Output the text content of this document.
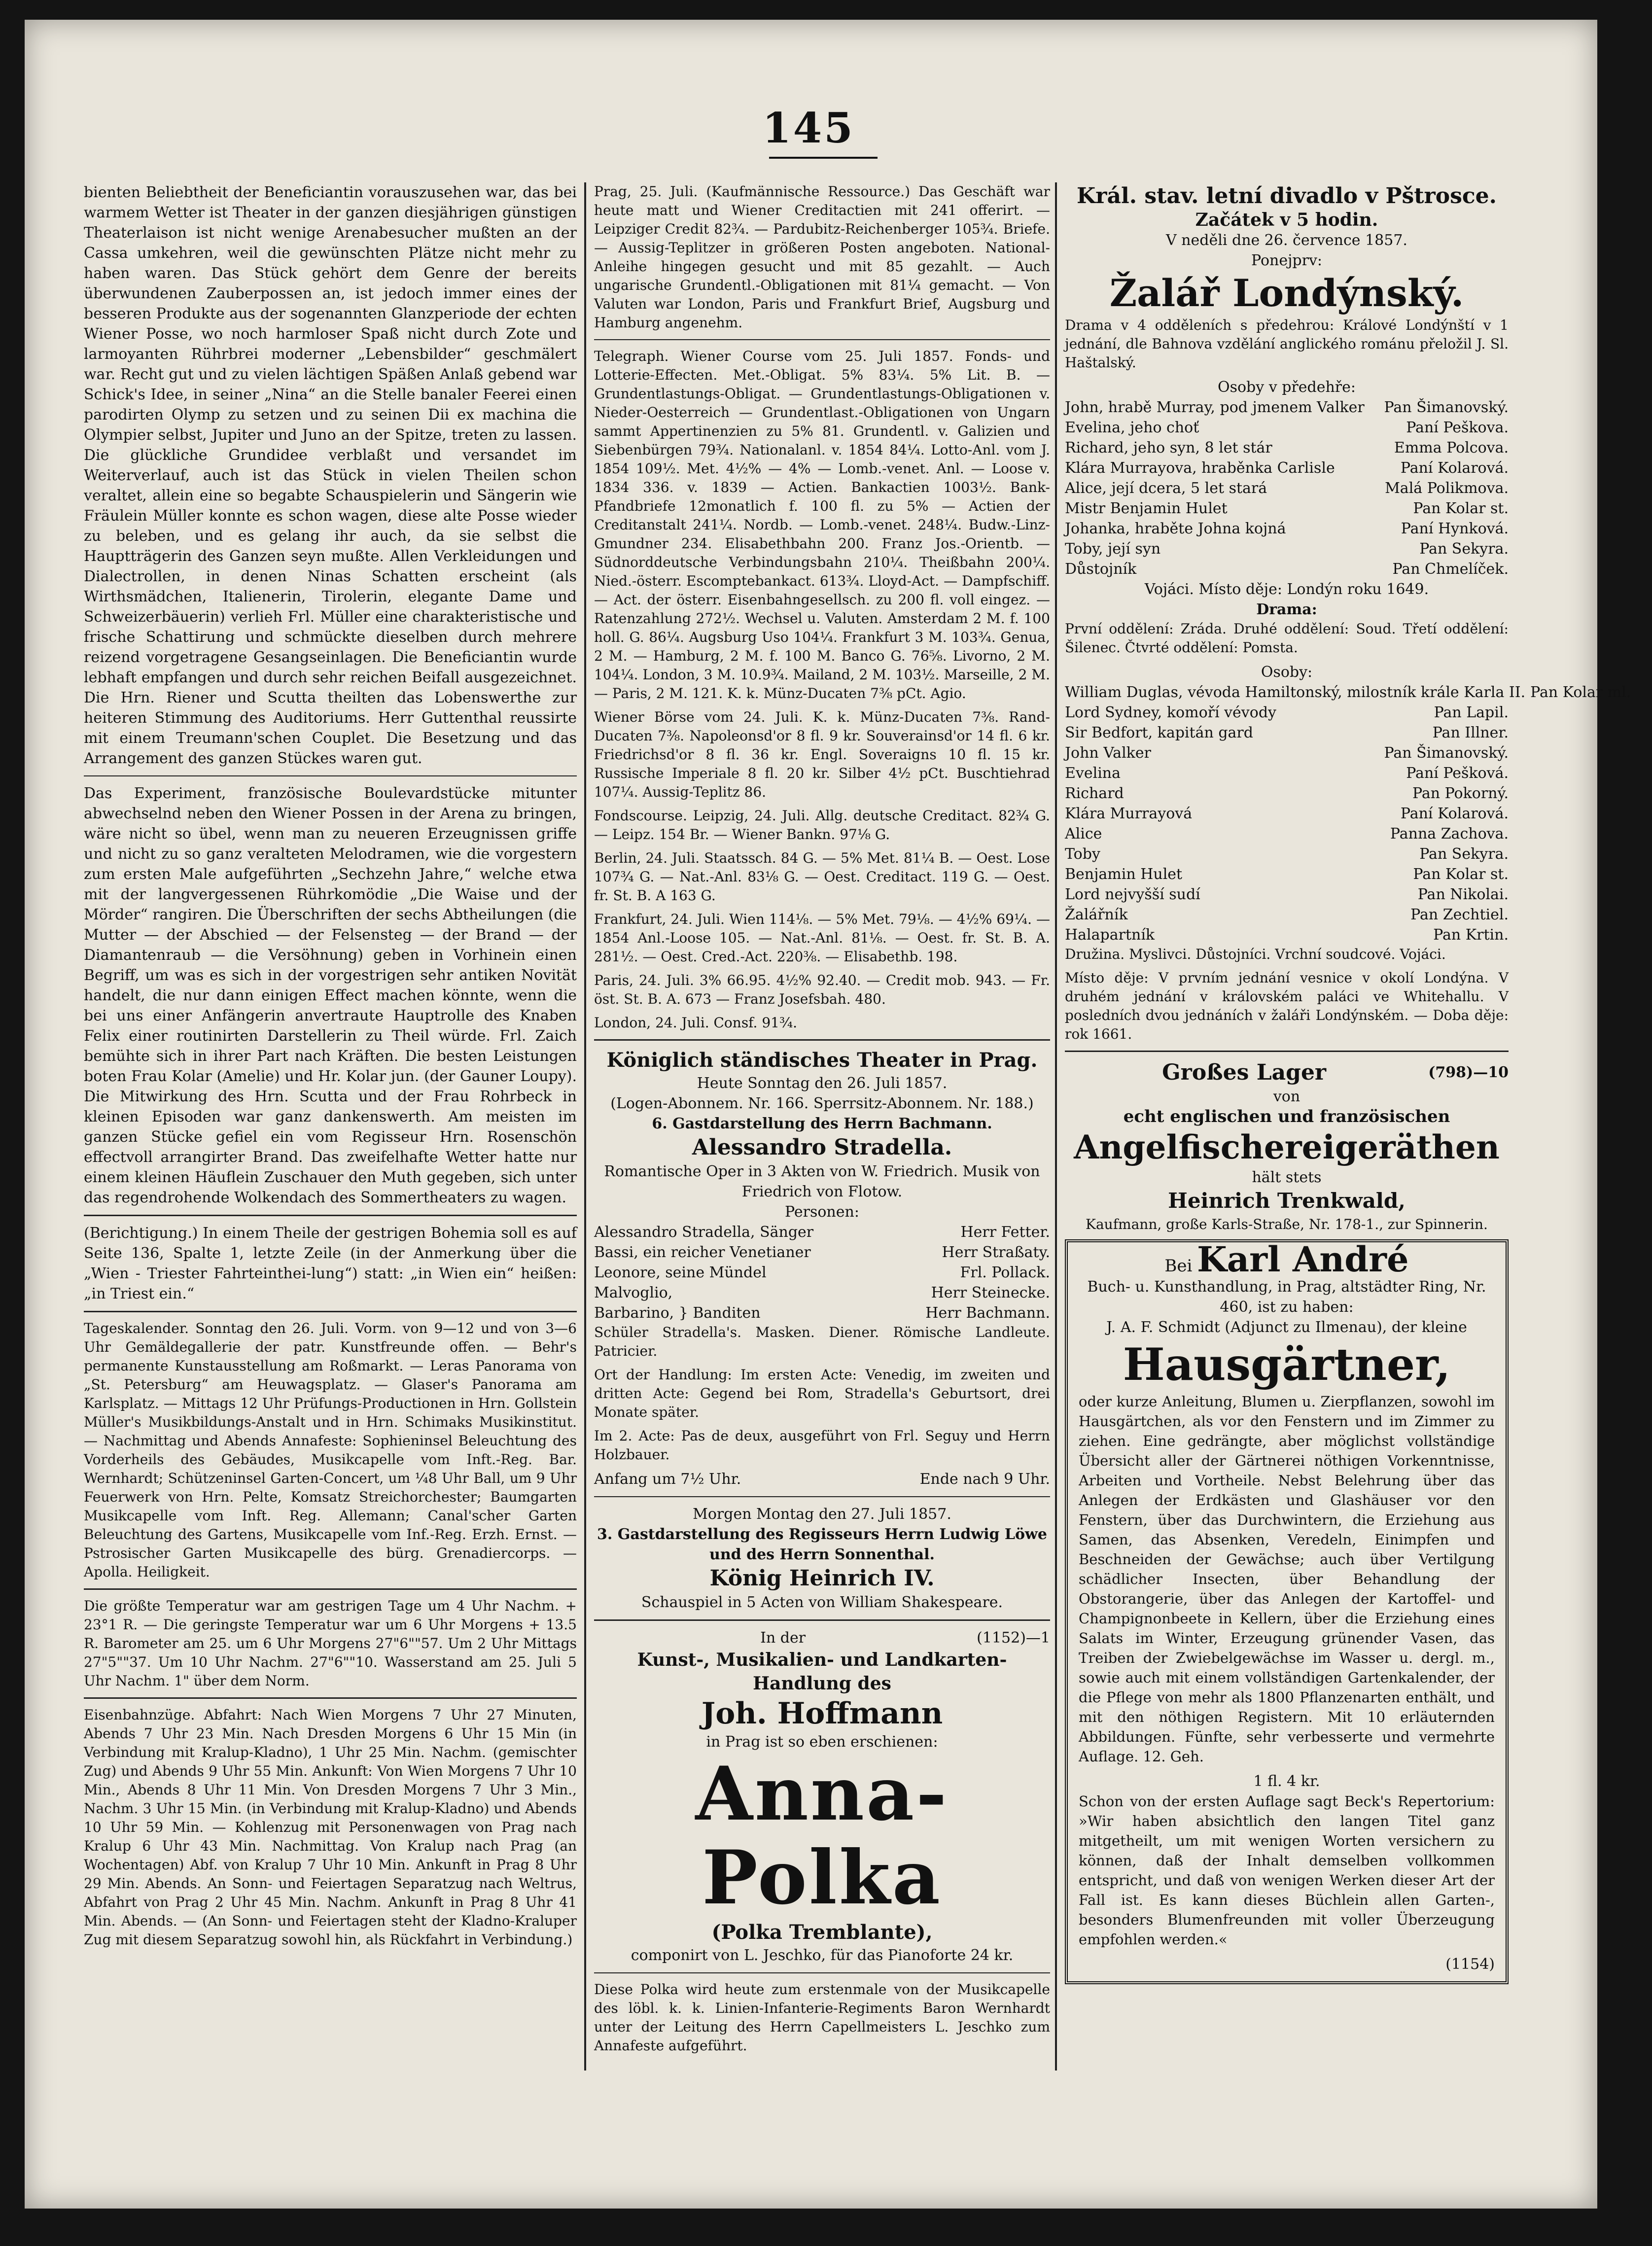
145

bienten Beliebtheit der Beneficiantin vorauszusehen war, das bei warmem Wetter ist Theater in der ganzen diesjährigen günstigen Theaterlaison ist nicht wenige Arenabesucher mußten an der Cassa umkehren, weil die gewünschten Plätze nicht mehr zu haben waren. Das Stück gehört dem Genre der bereits überwundenen Zauberpossen an, ist jedoch immer eines der besseren Produkte aus der sogenannten Glanzperiode der echten Wiener Posse, wo noch harmloser Spaß nicht durch Zote und larmoyanten Rührbrei moderner „Lebensbilder“ geschmälert war. Recht gut und zu vielen lächtigen Späßen Anlaß gebend war Schick's Idee, in seiner „Nina“ an die Stelle banaler Feerei einen parodirten Olymp zu setzen und zu seinen Dii ex machina die Olympier selbst, Jupiter und Juno an der Spitze, treten zu lassen. Die glückliche Grundidee verblaßt und versandet im Weiterverlauf, auch ist das Stück in vielen Theilen schon veraltet, allein eine so begabte Schauspielerin und Sängerin wie Fräulein Müller konnte es schon wagen, diese alte Posse wieder zu beleben, und es gelang ihr auch, da sie selbst die Hauptträgerin des Ganzen seyn mußte. Allen Verkleidungen und Dialectrollen, in denen Ninas Schatten erscheint (als Wirthsmädchen, Italienerin, Tirolerin, elegante Dame und Schweizerbäuerin) verlieh Frl. Müller eine charakteristische und frische Schattirung und schmückte dieselben durch mehrere reizend vorgetragene Gesangseinlagen. Die Beneficiantin wurde lebhaft empfangen und durch sehr reichen Beifall ausgezeichnet. Die Hrn. Riener und Scutta theilten das Lobenswerthe zur heiteren Stimmung des Auditoriums. Herr Guttenthal reussirte mit einem Treumann'schen Couplet. Die Besetzung und das Arrangement des ganzen Stückes waren gut.

Das Experiment, französische Boulevardstücke mitunter abwechselnd neben den Wiener Possen in der Arena zu bringen, wäre nicht so übel, wenn man zu neueren Erzeugnissen griffe und nicht zu so ganz veralteten Melodramen, wie die vorgestern zum ersten Male aufgeführten „Sechzehn Jahre,“ welche etwa mit der langvergessenen Rührkomödie „Die Waise und der Mörder“ rangiren. Die Überschriften der sechs Abtheilungen (die Mutter — der Abschied — der Felsensteg — der Brand — der Diamantenraub — die Versöhnung) geben in Vorhinein einen Begriff, um was es sich in der vorgestrigen sehr antiken Novität handelt, die nur dann einigen Effect machen könnte, wenn die bei uns einer Anfängerin anvertraute Hauptrolle des Knaben Felix einer routinirten Darstellerin zu Theil würde. Frl. Zaich bemühte sich in ihrer Part nach Kräften. Die besten Leistungen boten Frau Kolar (Amelie) und Hr. Kolar jun. (der Gauner Loupy). Die Mitwirkung des Hrn. Scutta und der Frau Rohrbeck in kleinen Episoden war ganz dankenswerth. Am meisten im ganzen Stücke gefiel ein vom Regisseur Hrn. Rosenschön effectvoll arrangirter Brand. Das zweifelhafte Wetter hatte nur einem kleinen Häuflein Zuschauer den Muth gegeben, sich unter das regendrohende Wolkendach des Sommertheaters zu wagen.

(Berichtigung.) In einem Theile der gestrigen Bohemia soll es auf Seite 136, Spalte 1, letzte Zeile (in der Anmerkung über die „Wien - Triester Fahrteinthei-lung“) statt: „in Wien ein“ heißen: „in Triest ein.“

Tageskalender. Sonntag den 26. Juli. Vorm. von 9—12 und von 3—6 Uhr Gemäldegallerie der patr. Kunstfreunde offen. — Behr's permanente Kunstausstellung am Roßmarkt. — Leras Panorama von „St. Petersburg“ am Heuwagsplatz. — Glaser's Panorama am Karlsplatz. — Mittags 12 Uhr Prüfungs-Productionen in Hrn. Gollstein Müller's Musikbildungs-Anstalt und in Hrn. Schimaks Musikinstitut. — Nachmittag und Abends Annafeste: Sophieninsel Beleuchtung des Vorderheils des Gebäudes, Musikcapelle vom Inft.-Reg. Bar. Wernhardt; Schützeninsel Garten-Concert, um ¼8 Uhr Ball, um 9 Uhr Feuerwerk von Hrn. Pelte, Komsatz Streichorchester; Baumgarten Musikcapelle vom Inft. Reg. Allemann; Canal'scher Garten Beleuchtung des Gartens, Musikcapelle vom Inf.-Reg. Erzh. Ernst. — Pstrosischer Garten Musikcapelle des bürg. Grenadiercorps. — Apolla. Heiligkeit.

Die größte Temperatur war am gestrigen Tage um 4 Uhr Nachm. + 23°1 R. — Die geringste Temperatur war um 6 Uhr Morgens + 13.5 R. Barometer am 25. um 6 Uhr Morgens 27"6""57. Um 2 Uhr Mittags 27"5""37. Um 10 Uhr Nachm. 27"6""10. Wasserstand am 25. Juli 5 Uhr Nachm. 1" über dem Norm.

Eisenbahnzüge. Abfahrt: Nach Wien Morgens 7 Uhr 27 Minuten, Abends 7 Uhr 23 Min. Nach Dresden Morgens 6 Uhr 15 Min (in Verbindung mit Kralup-Kladno), 1 Uhr 25 Min. Nachm. (gemischter Zug) und Abends 9 Uhr 55 Min. Ankunft: Von Wien Morgens 7 Uhr 10 Min., Abends 8 Uhr 11 Min. Von Dresden Morgens 7 Uhr 3 Min., Nachm. 3 Uhr 15 Min. (in Verbindung mit Kralup-Kladno) und Abends 10 Uhr 59 Min. — Kohlenzug mit Personenwagen von Prag nach Kralup 6 Uhr 43 Min. Nachmittag. Von Kralup nach Prag (an Wochentagen) Abf. von Kralup 7 Uhr 10 Min. Ankunft in Prag 8 Uhr 29 Min. Abends. An Sonn- und Feiertagen Separatzug nach Weltrus, Abfahrt von Prag 2 Uhr 45 Min. Nachm. Ankunft in Prag 8 Uhr 41 Min. Abends. — (An Sonn- und Feiertagen steht der Kladno-Kraluper Zug mit diesem Separatzug sowohl hin, als Rückfahrt in Verbindung.)

Prag, 25. Juli. (Kaufmännische Ressource.) Das Geschäft war heute matt und Wiener Creditactien mit 241 offerirt. — Leipziger Credit 82¾. — Pardubitz-Reichenberger 105¾. Briefe. — Aussig-Teplitzer in größeren Posten angeboten. National-Anleihe hingegen gesucht und mit 85 gezahlt. — Auch ungarische Grundentl.-Obligationen mit 81¼ gemacht. — Von Valuten war London, Paris und Frankfurt Brief, Augsburg und Hamburg angenehm.

Telegraph. Wiener Course vom 25. Juli 1857. Fonds- und Lotterie-Effecten. Met.-Obligat. 5% 83¼. 5% Lit. B. — Grundentlastungs-Obligat. — Grundentlastungs-Obligationen v. Nieder-Oesterreich — Grundentlast.-Obligationen von Ungarn sammt Appertinenzien zu 5% 81. Grundentl. v. Galizien und Siebenbürgen 79¾. Nationalanl. v. 1854 84¼. Lotto-Anl. vom J. 1854 109½. Met. 4½% — 4% — Lomb.-venet. Anl. — Loose v. 1834 336. v. 1839 — Actien. Bankactien 1003½. Bank-Pfandbriefe 12monatlich f. 100 fl. zu 5% — Actien der Creditanstalt 241¼. Nordb. — Lomb.-venet. 248¼. Budw.-Linz-Gmundner 234. Elisabethbahn 200. Franz Jos.-Orientb. — Südnorddeutsche Verbindungsbahn 210¼. Theißbahn 200¼. Nied.-österr. Escomptebankact. 613¾. Lloyd-Act. — Dampfschiff. — Act. der österr. Eisenbahngesellsch. zu 200 fl. voll eingez. — Ratenzahlung 272½. Wechsel u. Valuten. Amsterdam 2 M. f. 100 holl. G. 86¼. Augsburg Uso 104¼. Frankfurt 3 M. 103¾. Genua, 2 M. — Hamburg, 2 M. f. 100 M. Banco G. 76⅝. Livorno, 2 M. 104¼. London, 3 M. 10.9¾. Mailand, 2 M. 103½. Marseille, 2 M. — Paris, 2 M. 121. K. k. Münz-Ducaten 7⅜ pCt. Agio.

Wiener Börse vom 24. Juli. K. k. Münz-Ducaten 7⅜. Rand-Ducaten 7⅜. Napoleonsd'or 8 fl. 9 kr. Souverainsd'or 14 fl. 6 kr. Friedrichsd'or 8 fl. 36 kr. Engl. Soveraigns 10 fl. 15 kr. Russische Imperiale 8 fl. 20 kr. Silber 4½ pCt. Buschtiehrad 107¼. Aussig-Teplitz 86.

Fondscourse. Leipzig, 24. Juli. Allg. deutsche Creditact. 82¾ G. — Leipz. 154 Br. — Wiener Bankn. 97⅛ G.

Berlin, 24. Juli. Staatssch. 84 G. — 5% Met. 81¼ B. — Oest. Lose 107¾ G. — Nat.-Anl. 83⅛ G. — Oest. Creditact. 119 G. — Oest. fr. St. B. A 163 G.

Frankfurt, 24. Juli. Wien 114⅛. — 5% Met. 79⅛. — 4½% 69¼. — 1854 Anl.-Loose 105. — Nat.-Anl. 81⅛. — Oest. fr. St. B. A. 281½. — Oest. Cred.-Act. 220⅜. — Elisabethb. 198.

Paris, 24. Juli. 3% 66.95. 4½% 92.40. — Credit mob. 943. — Fr. öst. St. B. A. 673 — Franz Josefsbah. 480.

London, 24. Juli. Consf. 91¾.

Königlich ständisches Theater in Prag.
Heute Sonntag den 26. Juli 1857.
(Logen-Abonnem. Nr. 166. Sperrsitz-Abonnem. Nr. 188.)
6. Gastdarstellung des Herrn Bachmann.
Alessandro Stradella.
Romantische Oper in 3 Akten von W. Friedrich. Musik von Friedrich von Flotow.
Personen:
Alessandro Stradella, Sänger	Herr Fetter.
Bassi, ein reicher Venetianer	Herr Straßaty.
Leonore, seine Mündel	Frl. Pollack.
Malvoglio,	Herr Steinecke.
Barbarino, } Banditen	Herr Bachmann.

Schüler Stradella's. Masken. Diener. Römische Landleute. Patricier.

Ort der Handlung: Im ersten Acte: Venedig, im zweiten und dritten Acte: Gegend bei Rom, Stradella's Geburtsort, drei Monate später.

Im 2. Acte: Pas de deux, ausgeführt von Frl. Seguy und Herrn Holzbauer.

Anfang um 7½ Uhr.	Ende nach 9 Uhr.
Morgen Montag den 27. Juli 1857.
3. Gastdarstellung des Regisseurs Herrn Ludwig Löwe und des Herrn Sonnenthal.
König Heinrich IV.
Schauspiel in 5 Acten von William Shakespeare.
In der	(1152)—1
Kunst-, Musikalien- und Landkarten-Handlung des
Joh. Hoffmann
in Prag ist so eben erschienen:
Anna-Polka
(Polka Tremblante),
componirt von L. Jeschko, für das Pianoforte 24 kr.

Diese Polka wird heute zum erstenmale von der Musikcapelle des löbl. k. k. Linien-Infanterie-Regiments Baron Wernhardt unter der Leitung des Herrn Capellmeisters L. Jeschko zum Annafeste aufgeführt.

Král. stav. letní divadlo v Pštrosce.
Začátek v 5 hodin.
V neděli dne 26. července 1857.
Ponejprv:
Žalář Londýnský.

Drama v 4 odděleních s předehrou: Králové Londýnští v 1 jednání, dle Bahnova vzdělání anglického románu přeložil J. Sl. Haštalský.

Osoby v předehře:
John, hrabě Murray, pod jmenem Valker	Pan Šimanovský.
Evelina, jeho choť	Paní Peškova.
Richard, jeho syn, 8 let stár	Emma Polcova.
Klára Murrayova, hraběnka Carlisle	Paní Kolarová.
Alice, její dcera, 5 let stará	Malá Polikmova.
Mistr Benjamin Hulet	Pan Kolar st.
Johanka, hraběte Johna kojná	Paní Hynková.
Toby, její syn	Pan Sekyra.
Důstojník	Pan Chmelíček.
Vojáci. Místo děje: Londýn roku 1649.
Drama:

První oddělení: Zráda. Druhé oddělení: Soud. Třetí oddělení: Šilenec. Čtvrté oddělení: Pomsta.

Osoby:
William Duglas, vévoda Hamiltonský, milostník krále Karla II. Pan Kolar ml.
Lord Sydney, komoří vévody	Pan Lapil.
Sir Bedfort, kapitán gard	Pan Illner.
John Valker	Pan Šimanovský.
Evelina	Paní Pešková.
Richard	Pan Pokorný.
Klára Murrayová	Paní Kolarová.
Alice	Panna Zachova.
Toby	Pan Sekyra.
Benjamin Hulet	Pan Kolar st.
Lord nejvyšší sudí	Pan Nikolai.
Žalářník	Pan Zechtiel.
Halapartník	Pan Krtin.

Družina. Myslivci. Důstojníci. Vrchní soudcové. Vojáci.

Místo děje: V prvním jednání vesnice v okolí Londýna. V druhém jednání v královském paláci ve Whitehallu. V posledních dvou jednáních v žaláři Londýnském. — Doba děje: rok 1661.

Großes Lager	(798)—10
von
echt englischen und französischen
Angelfischereigeräthen
hält stets
Heinrich Trenkwald,
Kaufmann, große Karls-Straße, Nr. 178-1., zur Spinnerin.
Bei Karl André
Buch- u. Kunsthandlung, in Prag, altstädter Ring, Nr. 460, ist zu haben:
J. A. F. Schmidt (Adjunct zu Ilmenau), der kleine
Hausgärtner,

oder kurze Anleitung, Blumen u. Zierpflanzen, sowohl im Hausgärtchen, als vor den Fenstern und im Zimmer zu ziehen. Eine gedrängte, aber möglichst vollständige Übersicht aller der Gärtnerei nöthigen Vorkenntnisse, Arbeiten und Vortheile. Nebst Belehrung über das Anlegen der Erdkästen und Glashäuser vor den Fenstern, über das Durchwintern, die Erziehung aus Samen, das Absenken, Veredeln, Einimpfen und Beschneiden der Gewächse; auch über Vertilgung schädlicher Insecten, über Behandlung der Obstorangerie, über das Anlegen der Kartoffel- und Champignonbeete in Kellern, über die Erziehung eines Salats im Winter, Erzeugung grünender Vasen, das Treiben der Zwiebelgewächse im Wasser u. dergl. m., sowie auch mit einem vollständigen Gartenkalender, der die Pflege von mehr als 1800 Pflanzenarten enthält, und mit den nöthigen Registern. Mit 10 erläuternden Abbildungen. Fünfte, sehr verbesserte und vermehrte Auflage. 12. Geh.

1 fl. 4 kr.

Schon von der ersten Auflage sagt Beck's Repertorium: »Wir haben absichtlich den langen Titel ganz mitgetheilt, um mit wenigen Worten versichern zu können, daß der Inhalt demselben vollkommen entspricht, und daß von wenigen Werken dieser Art der Fall ist. Es kann dieses Büchlein allen Garten-, besonders Blumenfreunden mit voller Überzeugung empfohlen werden.«

(1154)
